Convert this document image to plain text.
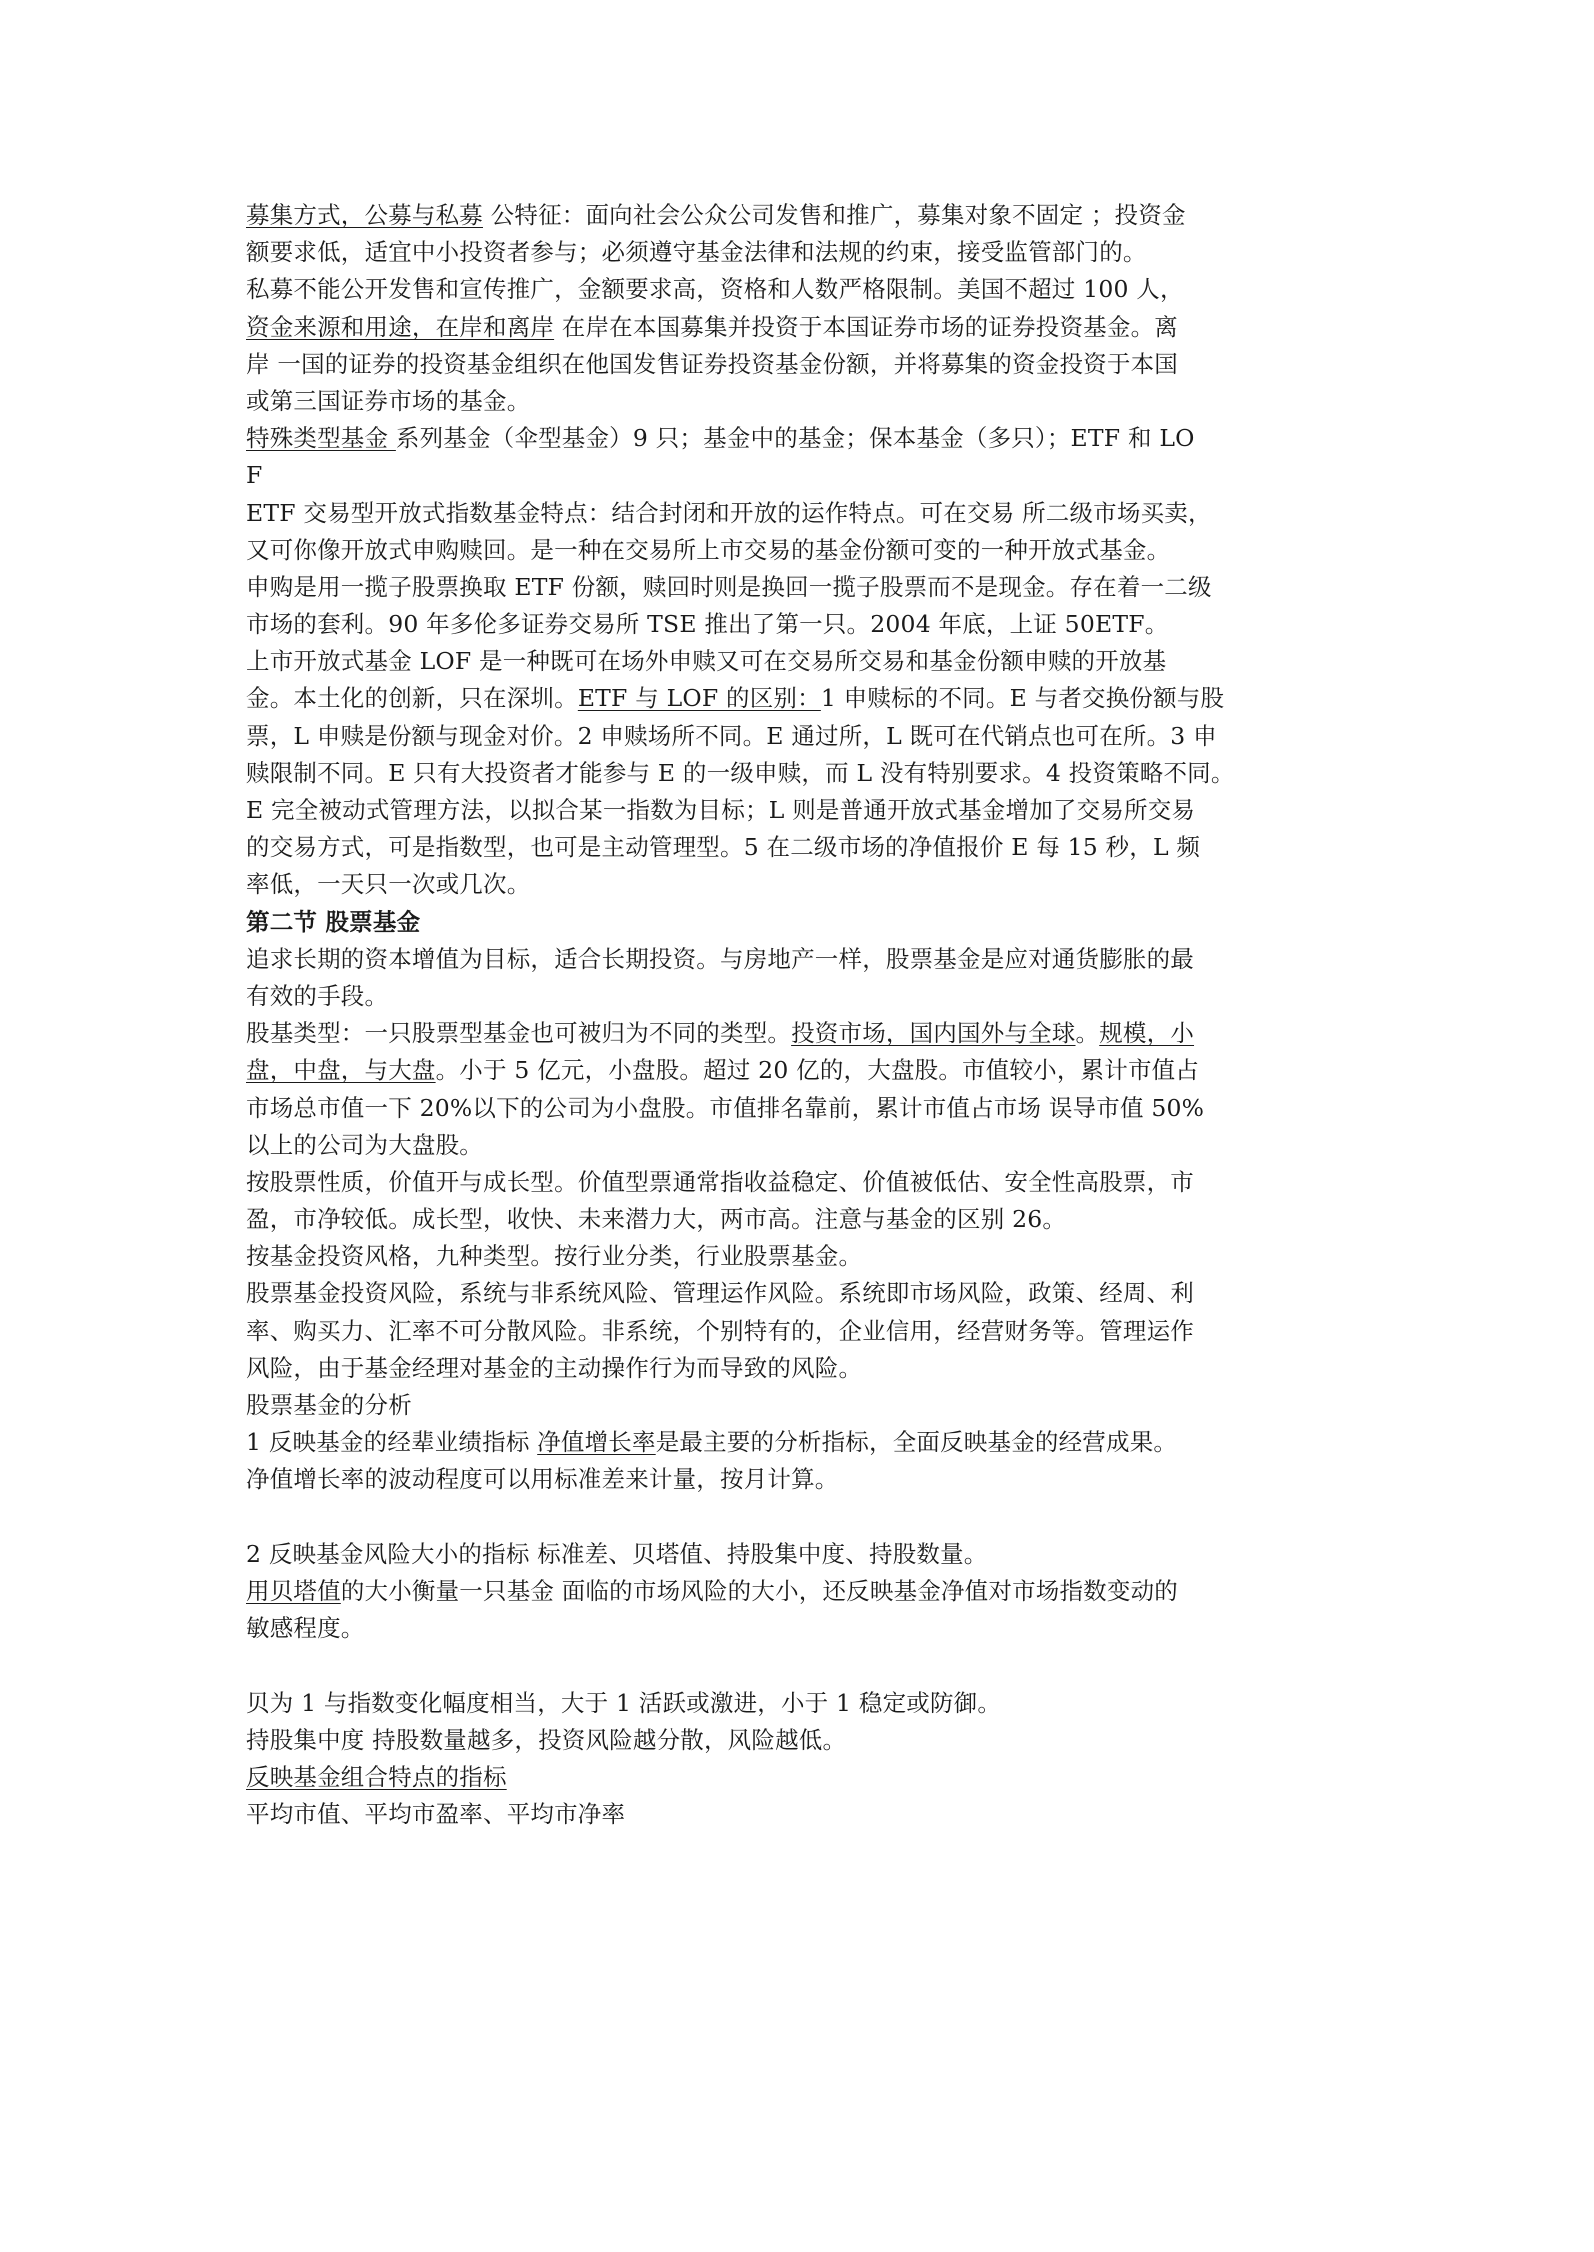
募集方式，公募与私募 公特征：面向社会公众公司发售和推广，募集对象不固定 ；投资金
额要求低，适宜中小投资者参与；必须遵守基金法律和法规的约束，接受监管部门的。
私募不能公开发售和宣传推广，金额要求高，资格和人数严格限制。美国不超过 100 人，
资金来源和用途，在岸和离岸 在岸在本国募集并投资于本国证券市场的证券投资基金。离
岸 一国的证券的投资基金组织在他国发售证券投资基金份额，并将募集的资金投资于本国
或第三国证券市场的基金。
特殊类型基金 系列基金（伞型基金）9 只；基金中的基金；保本基金（多只）；ETF 和 LO
F
ETF 交易型开放式指数基金特点：结合封闭和开放的运作特点。可在交易 所二级市场买卖，
又可你像开放式申购赎回。是一种在交易所上市交易的基金份额可变的一种开放式基金。
申购是用一揽子股票换取 ETF 份额，赎回时则是换回一揽子股票而不是现金。存在着一二级
市场的套利。90 年多伦多证券交易所 TSE 推出了第一只。2004 年底，上证 50ETF。
上市开放式基金 LOF 是一种既可在场外申赎又可在交易所交易和基金份额申赎的开放基
金。本土化的创新，只在深圳。ETF 与 LOF 的区别：1 申赎标的不同。E 与者交换份额与股
票，L 申赎是份额与现金对价。2 申赎场所不同。E 通过所，L 既可在代销点也可在所。3 申
赎限制不同。E 只有大投资者才能参与 E 的一级申赎，而 L 没有特别要求。4 投资策略不同。
E 完全被动式管理方法，以拟合某一指数为目标；L 则是普通开放式基金增加了交易所交易
的交易方式，可是指数型，也可是主动管理型。5 在二级市场的净值报价 E 每 15 秒，L 频
率低，一天只一次或几次。
第二节 股票基金
追求长期的资本增值为目标，适合长期投资。与房地产一样，股票基金是应对通货膨胀的最
有效的手段。
股基类型：一只股票型基金也可被归为不同的类型。投资市场，国内国外与全球。规模，小
盘，中盘，与大盘。小于 5 亿元，小盘股。超过 20 亿的，大盘股。市值较小，累计市值占
市场总市值一下 20%以下的公司为小盘股。市值排名靠前，累计市值占市场 误导市值 50%
以上的公司为大盘股。
按股票性质，价值开与成长型。价值型票通常指收益稳定、价值被低估、安全性高股票，市
盈，市净较低。成长型，收快、未来潜力大，两市高。注意与基金的区别 26。
按基金投资风格，九种类型。按行业分类，行业股票基金。
股票基金投资风险，系统与非系统风险、管理运作风险。系统即市场风险，政策、经周、利
率、购买力、汇率不可分散风险。非系统，个别特有的，企业信用，经营财务等。管理运作
风险，由于基金经理对基金的主动操作行为而导致的风险。
股票基金的分析
1 反映基金的经辈业绩指标 净值增长率是最主要的分析指标，全面反映基金的经营成果。
净值增长率的波动程度可以用标准差来计量，按月计算。
2 反映基金风险大小的指标 标准差、贝塔值、持股集中度、持股数量。
用贝塔值的大小衡量一只基金 面临的市场风险的大小，还反映基金净值对市场指数变动的
敏感程度。
贝为 1 与指数变化幅度相当，大于 1 活跃或激进，小于 1 稳定或防御。
持股集中度 持股数量越多，投资风险越分散，风险越低。
反映基金组合特点的指标
平均市值、平均市盈率、平均市净率
